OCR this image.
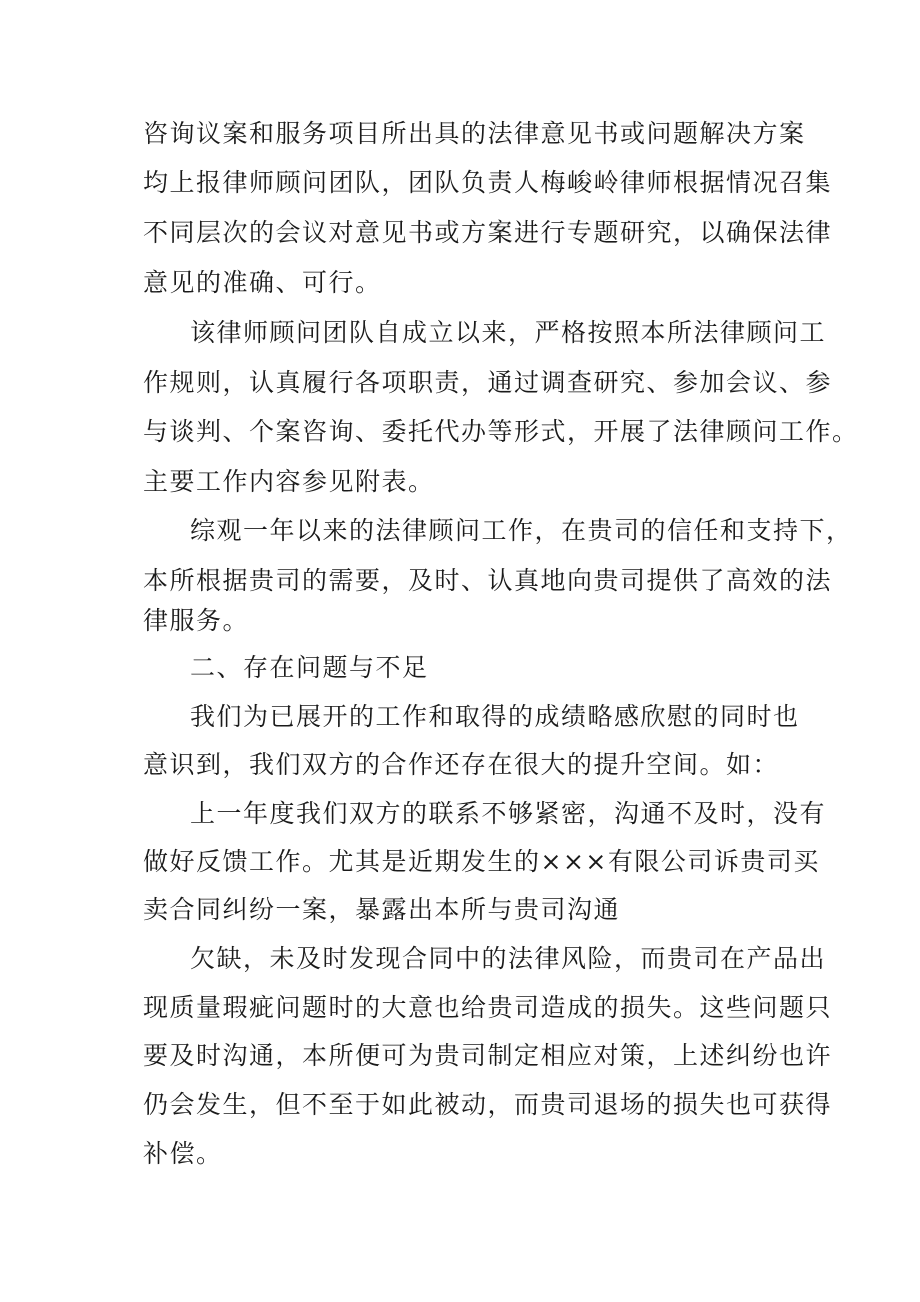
咨询议案和服务项目所出具的法律意见书或问题解决方案
均上报律师顾问团队，团队负责人梅峻岭律师根据情况召集
不同层次的会议对意见书或方案进行专题研究，以确保法律
意见的准确、可行。
该律师顾问团队自成立以来，严格按照本所法律顾问工
作规则，认真履行各项职责，通过调查研究、参加会议、参
与谈判、个案咨询、委托代办等形式，开展了法律顾问工作。
主要工作内容参见附表。
综观一年以来的法律顾问工作，在贵司的信任和支持下，
本所根据贵司的需要，及时、认真地向贵司提供了高效的法
律服务。
二、存在问题与不足
我们为已展开的工作和取得的成绩略感欣慰的同时也
意识到，我们双方的合作还存在很大的提升空间。如：
上一年度我们双方的联系不够紧密，沟通不及时，没有
做好反馈工作。尤其是近期发生的×××有限公司诉贵司买
卖合同纠纷一案，暴露出本所与贵司沟通
欠缺，未及时发现合同中的法律风险，而贵司在产品出
现质量瑕疵问题时的大意也给贵司造成的损失。这些问题只
要及时沟通，本所便可为贵司制定相应对策，上述纠纷也许
仍会发生，但不至于如此被动，而贵司退场的损失也可获得
补偿。
